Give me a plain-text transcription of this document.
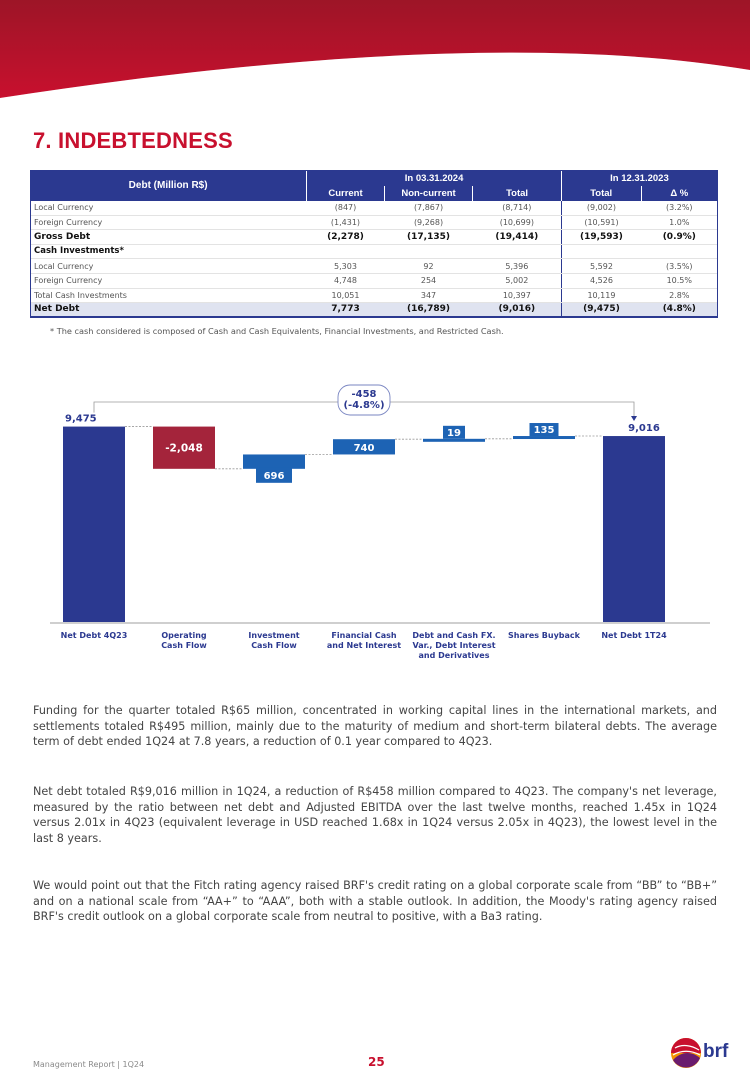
7. INDEBTEDNESS
Debt (Million R$)	In 03.31.2024			In 12.31.2023	
	Current	Non-current	Total	Total	Δ %
Local Currency	(847)	(7,867)	(8,714)	(9,002)	(3.2%)
Foreign Currency	(1,431)	(9,268)	(10,699)	(10,591)	1.0%
Gross Debt	(2,278)	(17,135)	(19,414)	(19,593)	(0.9%)
Cash Investments*					
Local Currency	5,303	92	5,396	5,592	(3.5%)
Foreign Currency	4,748	254	5,002	4,526	10.5%
Total Cash Investments	10,051	347	10,397	10,119	2.8%
Net Debt	7,773	(16,789)	(9,016)	(9,475)	(4.8%)
* The cash considered is composed of Cash and Cash Equivalents, Financial Investments, and Restricted Cash.
9,475
-2,048
696
740
19	135	9,016
-458
(-4.8%)
Net Debt 4Q23	Operating
Cash Flow
Investment
Cash Flow
Financial Cash
and Net Interest
Debt and Cash FX.
Var., Debt Interest
and Derivatives
Shares Buyback	Net Debt 1T24
Funding for the quarter totaled R$65 million, concentrated in working capital lines in the international markets, and settlements totaled R$495 million, mainly due to the maturity of medium and short-term bilateral debts. The average term of debt ended 1Q24 at 7.8 years, a reduction of 0.1 year compared to 4Q23.
Net debt totaled R$9,016 million in 1Q24, a reduction of R$458 million compared to 4Q23. The company's net leverage, measured by the ratio between net debt and Adjusted EBITDA over the last twelve months, reached 1.45x in 1Q24 versus 2.01x in 4Q23 (equivalent leverage in USD reached 1.68x in 1Q24 versus 2.05x in 4Q23), the lowest level in the last 8 years.
We would point out that the Fitch rating agency raised BRF's credit rating on a global corporate scale from “BB” to “BB+” and on a national scale from “AA+” to “AAA”, both with a stable outlook. In addition, the Moody's rating agency raised BRF's credit outlook on a global corporate scale from neutral to positive, with a Ba3 rating.
Management Report | 1Q24	25	brf
